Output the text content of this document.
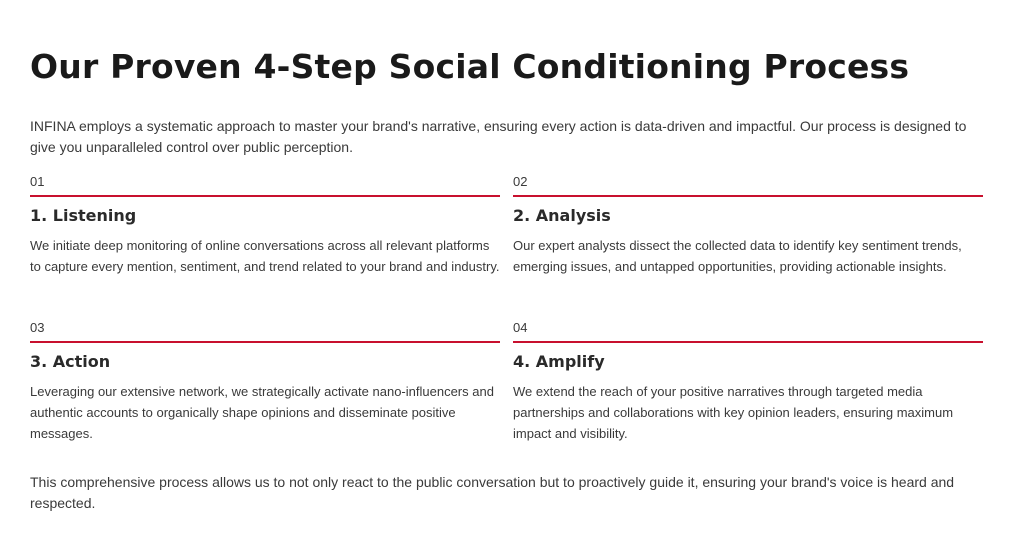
Our Proven 4-Step Social Conditioning Process

INFINA employs a systematic approach to master your brand's narrative, ensuring every action is data-driven and impactful. Our process is designed to give you unparalleled control over public perception.

01
1. Listening

We initiate deep monitoring of online conversations across all relevant platforms to capture every mention, sentiment, and trend related to your brand and industry.

02
2. Analysis

Our expert analysts dissect the collected data to identify key sentiment trends, emerging issues, and untapped opportunities, providing actionable insights.

03
3. Action

Leveraging our extensive network, we strategically activate nano-influencers and authentic accounts to organically shape opinions and disseminate positive messages.

04
4. Amplify

We extend the reach of your positive narratives through targeted media partnerships and collaborations with key opinion leaders, ensuring maximum impact and visibility.

This comprehensive process allows us to not only react to the public conversation but to proactively guide it, ensuring your brand's voice is heard and respected.
